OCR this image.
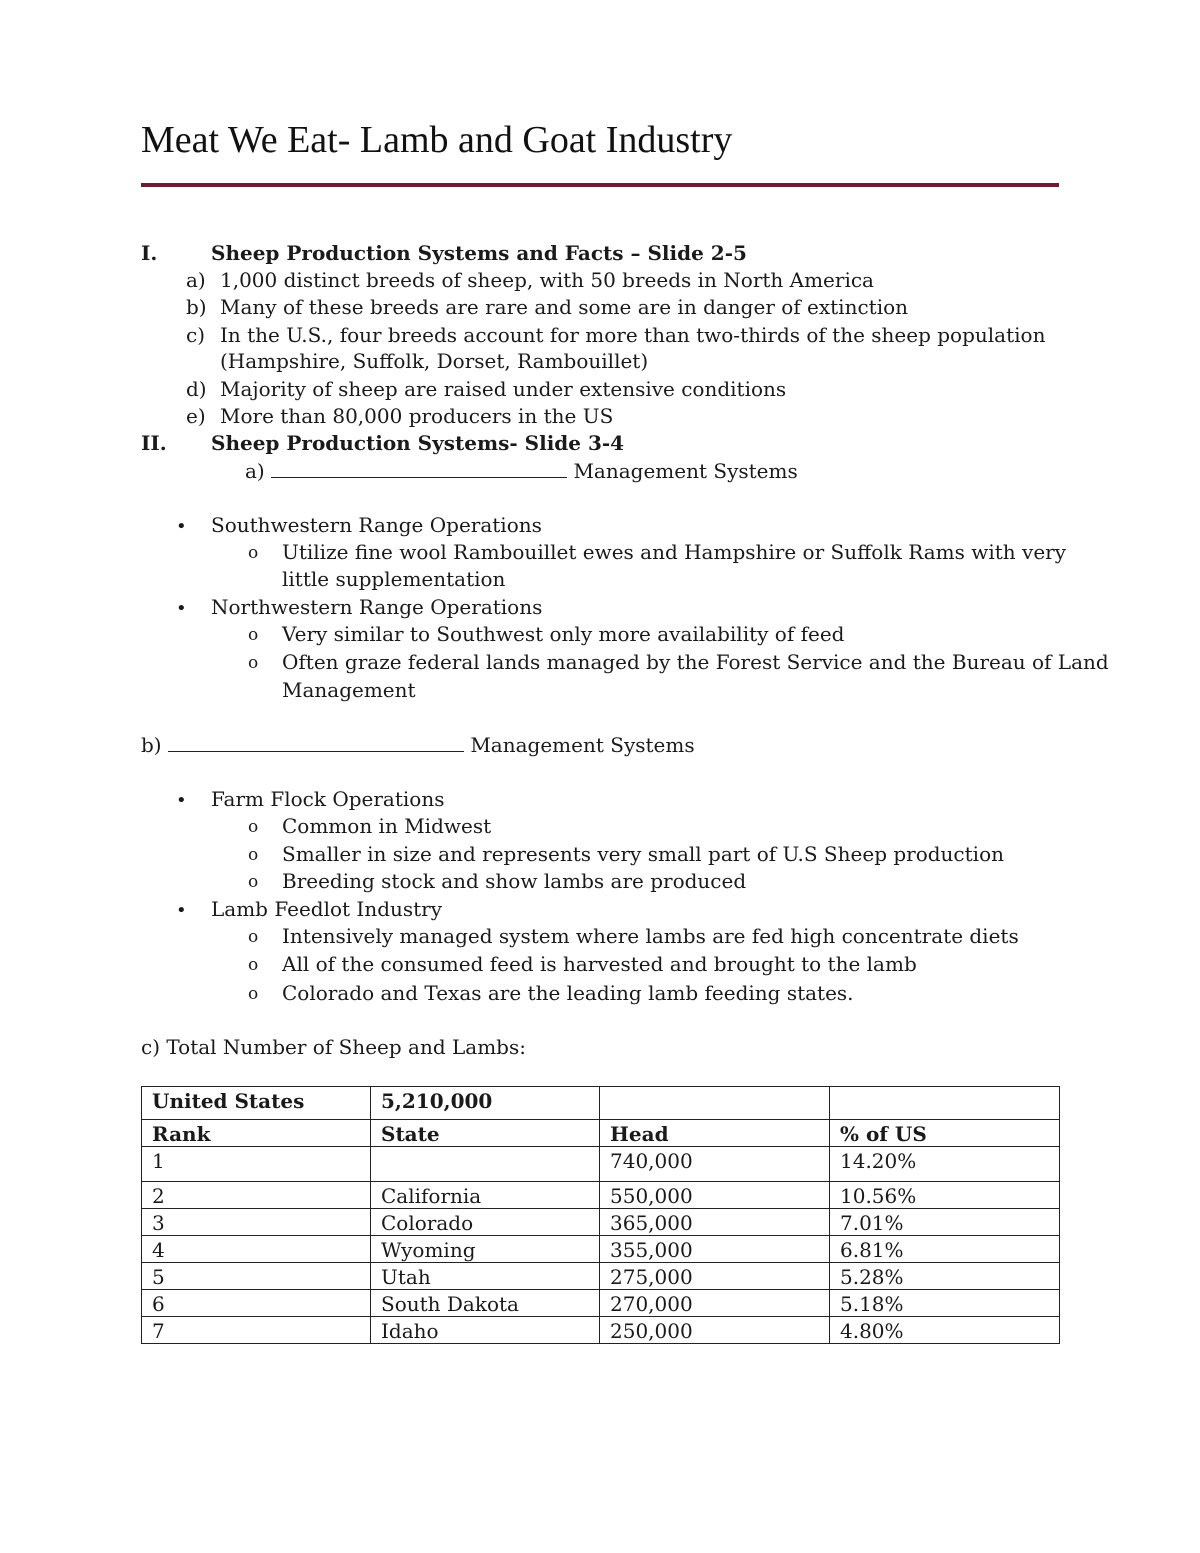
Meat We Eat- Lamb and Goat Industry
I.	Sheep Production Systems and Facts – Slide 2-5
a) 1,000 distinct breeds of sheep, with 50 breeds in North America
b) Many of these breeds are rare and some are in danger of extinction
c) In the U.S., four breeds account for more than two-thirds of the sheep population
(Hampshire, Suffolk, Dorset, Rambouillet)
d) Majority of sheep are raised under extensive conditions
e) More than 80,000 producers in the US
II. Sheep Production Systems- Slide 3-4
a)	Management Systems
• Southwestern Range Operations
o Utilize fine wool Rambouillet ewes and Hampshire or Suffolk Rams with very
little supplementation
• Northwestern Range Operations
o Very similar to Southwest only more availability of feed
o Often graze federal lands managed by the Forest Service and the Bureau of Land
Management
b)	Management Systems
• Farm Flock Operations
o Common in Midwest
o Smaller in size and represents very small part of U.S Sheep production
o Breeding stock and show lambs are produced
• Lamb Feedlot Industry
o Intensively managed system where lambs are fed high concentrate diets
o All of the consumed feed is harvested and brought to the lamb
o Colorado and Texas are the leading lamb feeding states.
c) Total Number of Sheep and Lambs:
United States	5,210,000		
Rank	State	Head	% of US
1		740,000	14.20%
2	California	550,000	10.56%
3	Colorado	365,000	7.01%
4	Wyoming	355,000	6.81%
5	Utah	275,000	5.28%
6	South Dakota	270,000	5.18%
7	Idaho	250,000	4.80%
